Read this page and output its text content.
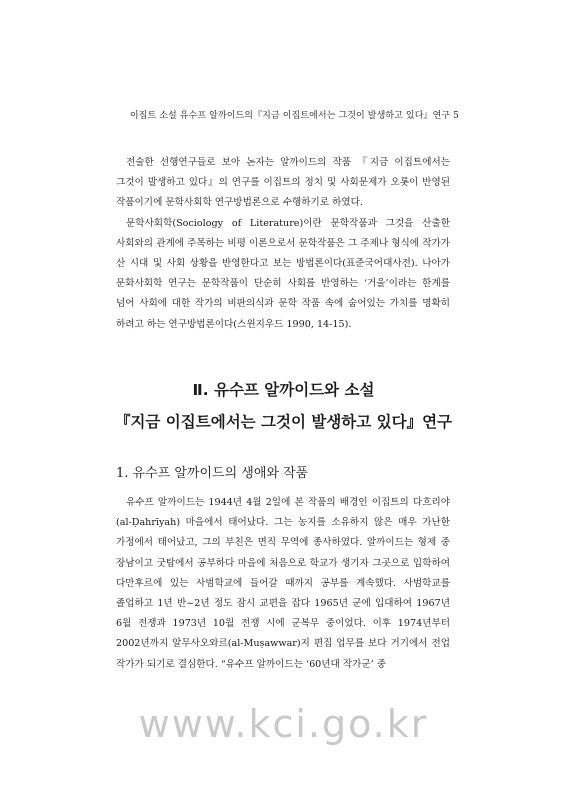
이집트 소설 유수프 알까이드의『지금 이집트에서는 그것이 발생하고 있다』연구 5

전술한 선행연구들로 보아 논자는 알까이드의 작품 『지금 이집트에서는 그것이 발생하고 있다』의 연구를 이집트의 정치 및 사회문제가 오롯이 반영된 작품이기에 문학사회학 연구방법론으로 수행하기로 하였다.

문학사회학(Sociology of Literature)이란 문학작품과 그것을 산출한 사회와의 관계에 주목하는 비평 이론으로서 문학작품은 그 주제나 형식에 작가가 산 시대 및 사회 상황을 반영한다고 보는 방법론이다(표준국어대사전). 나아가 문화사회학 연구는 문학작품이 단순히 사회를 반영하는 ‘거울’이라는 한계를 넘어 사회에 대한 작가의 비판의식과 문학 작품 속에 숨어있는 가치를 명확히 하려고 하는 연구방법론이다(스윈지우드 1990, 14-15).

Ⅱ. 유수프 알까이드와 소설
『지금 이집트에서는 그것이 발생하고 있다』연구
1. 유수프 알까이드의 생애와 작품

유수프 알까이드는 1944년 4월 2일에 본 작품의 배경인 이집트의 다흐리야(al-Ḍahrīyah) 마을에서 태어났다. 그는 농지를 소유하지 않은 매우 가난한 가정에서 태어났고, 그의 부친은 면직 무역에 종사하였다. 알까이드는 형제 중 장남이고 굿탑에서 공부하다 마을에 처음으로 학교가 생기자 그곳으로 입학하여 다만후르에 있는 사범학교에 들어갈 때까지 공부를 계속했다. 사범학교를 졸업하고 1년 반~2년 정도 잠시 교편을 잡다 1965년 군에 입대하여 1967년 6월 전쟁과 1973년 10월 전쟁 시에 군복무 중이었다. 이후 1974년부터 2002년까지 알무사오와르(al-Muṣawwar)지 편집 업무를 보다 거기에서 전업 작가가 되기로 결심한다. “유수프 알까이드는 ‘60년대 작가군’ 중

www.kci.go.kr
